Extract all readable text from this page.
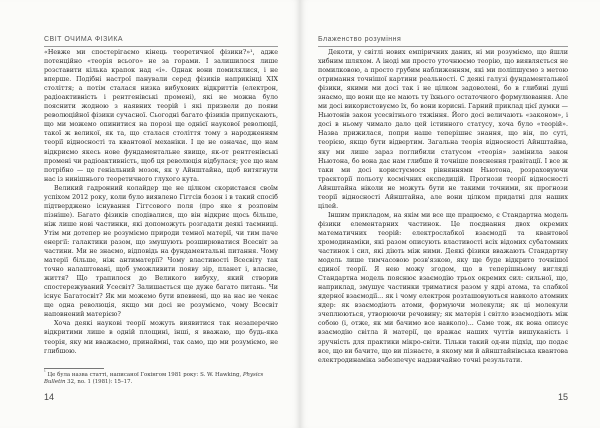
СВІТ ОЧИМА ФІЗИКА

«Невже ми спостерігаємо кінець теоретичної фізики?»¹, адже потенційно «теорія всього» не за горами. І залишилося лише розставити кілька крапок над «і». Однак вони помилялися, і не вперше. Подібні настрої панували серед фізиків наприкінці XIX століття; а потім сталася низка вибухових відкриттів (електрон, радіоактивність і рентгенівські промені), які не можна було пояснити жодною з наявних теорій і які призвели до появи революційної фізики сучасної. Сьогодні багато фізиків припускають, що ми можемо опинитися на порозі ще однієї наукової революції, такої ж великої, як та, що сталася століття тому з народженням теорії відносності та квантової механіки. І це не означає, що нам відкриємо якесь нове фундаментальне явище, як-от рентгенівські промені чи радіоактивність, щоб ця революція відбулася; усе що нам потрібно — це геніальний мозок, як у Айнштайна, щоб витягнути нас із нинішнього теоретичного глухого кута.

Великий гадронний колайдер ще не цілком скористався своїм успіхом 2012 року, коли було виявлено Гіггсів бозон і в такий спосіб підтверджено існування Гіггсового поля (про яке я розповім пізніше). Багато фізиків сподівалися, що він відкриє щось більше, ніж лише нові частинки, які допоможуть розгадати деякі таємниці. Утім ми дотепер не розуміємо природи темної матерії, чи тим паче енергії: галактики разом, що змушують розширюватися Всесвіт за частини. Ми не знаємо, відповідь на фундаментальні питання. Чому матерії більше, ніж антиматерії? Чому властивості Всесвіту так точно налаштовані, щоб уможливити появу зір, планет і, власне, життя? Що трапилося до Великого вибуху, який створив спостережуваний Усесвіт? Залишається ще дуже багато питань. Чи існує Багатосвіт? Як ми можемо бути впевнені, що на нас не чекає ще одна революція, якщо ми досі не розуміємо, чому Всесвіт наповнений матерією?

Хоча деякі наукові теорії можуть виявитися так незаперечно відкритими лише в одній площині, інші, я вважаю, що будь-яка теорія, яку ми вважаємо, принаймні, так само, що ми розуміємо, не глибшою.

$^{^1}$ Це була назва статті, написаної Гокінгом 1981 року: S. W. Hawking, Physics Bulletin 32, no. 1 (1981): 15–17.
14
Блаженство розуміння

Декоти, у світлі нових емпіричних даних, ні ми розуміємо, що йшли хибним шляхом. А іноді ми просто уточнюємо теорію, що виявляється не помилковою, а просто грубим наближенням, які ми поліпшуємо з метою отримання точнішої картини реальності. С деякі галузі фундаментальної фізики, якими ми досі так і не цілком задоволені, бо в глибині душі знаємо, що вони ще не мають ту їхнього остаточного формулювання. Але ми досі використовуємо їх, бо вони корисні. Гарний приклад цієї думки — Ньютонів закон усесвітнього тяжіння. Його досі величають «законом», і досі в ньому чимало дало цей істинного статусу, хоча було «теорій». Назва прижилася, попри наше теперішнє знання, що він, по суті, теорією, якщо бути відвертим. Загальна теорія відносності Айнштайна, яку ми лише зараз поглибили статусом «теорія» замінила закон Ньютона, бо вона дає нам глибше й точніше пояснення гравітації. І все ж таки ми досі користуємося рівняннями Ньютона, розраховуючи траєкторії польоту космічних експедицій. Прогнози теорії відносності Айнштайна ніколи не можуть бути не такими точними, як прогнози теорії відносності Айнштайна, але вони цілком придатні для наших цілей.

Іншим прикладом, на якім ми все ще працюємо, є Стандартна модель фізики елементарних частинок. Це поєднання двох окремих математичних теорій: електрослабкої взаємодії та квантової хромодинаміки, які разом описують властивості всіх відомих субатомних частинок і сил, які діють між ними. Деякі фізики вважають Стандартну модель лише тимчасовою розв'язкою, яку ще буде відкрито точнішої єдиної теорії. Я нею можу згодом, що в теперішньому вигляді Стандартна модель пояснює взаємодію трьох окремих сил: сильної, що, наприклад, змушує частинки триматися разом у ядрі атома, та слабкої ядерної взаємодії... як і чому електрон розташовуються навколо атомних ядер: як взаємодіють атоми, формуючи молекули; як ці молекули зчеплюються, утворюючи речовину; як матерія і світло взаємодіють між собою (і, отже, як ми бачимо все навколо)... Саме тож, як вона описує взаємодію світла й матерії, це вражає наших чуттів вишуканість і зручність для практики мікро-світи. Тільки такий од-ин підхід, що подає все, що ви бачите, що ви пізнаєте, в якому ми й айнштайнівська квантова електродинаміка забезпечує надзвичайно точні результати.

15
